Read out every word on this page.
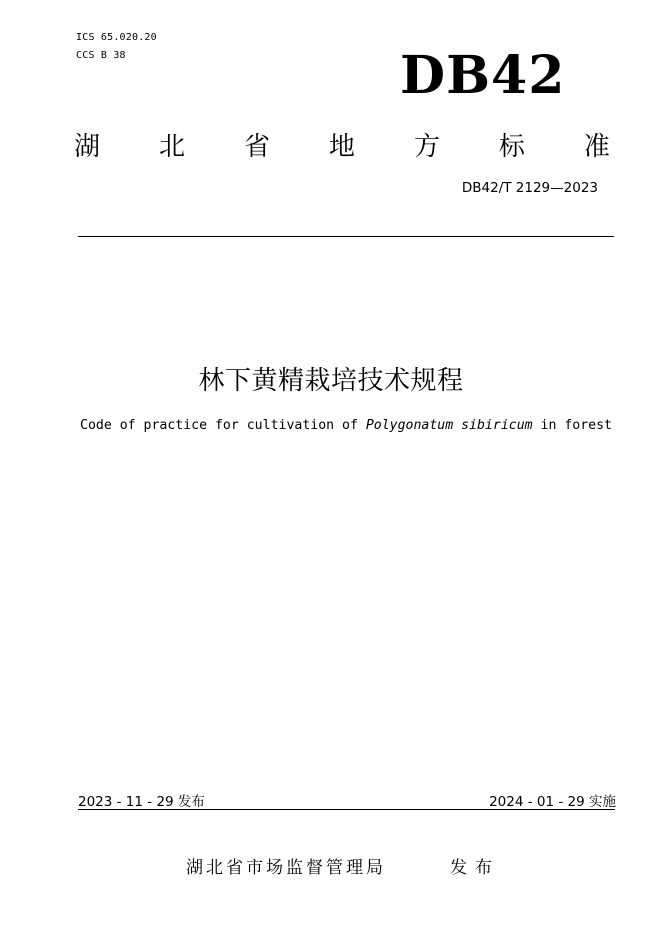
ICS 65.020.20
CCS B 38	DB42
湖 北 省 地 方 标 准
DB42/T 2129—2023
林下黄精栽培技术规程
Code of practice for cultivation of Polygonatum sibiricum in forest
2023 - 11 - 29 发布	2024 - 01 - 29 实施
湖北省市场监督管理局	发布
